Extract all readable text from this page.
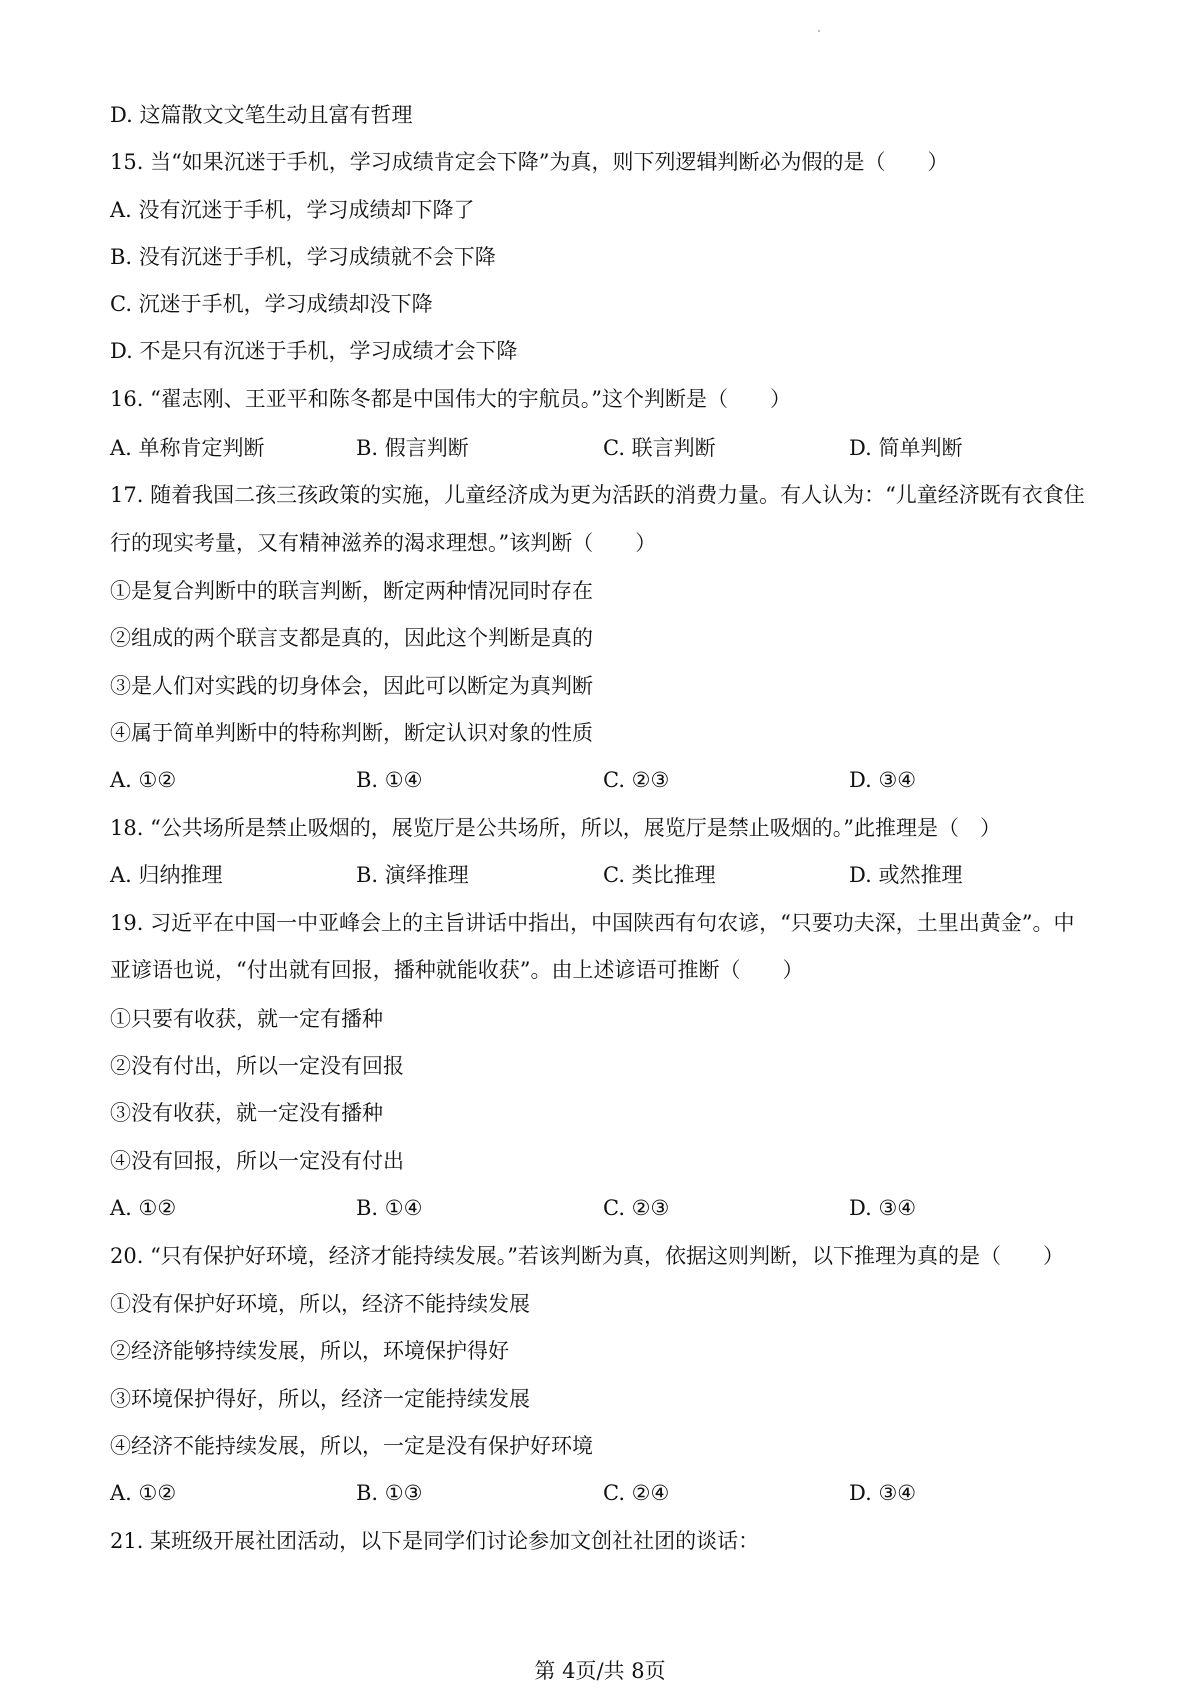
D. 这篇散文文笔生动且富有哲理
15. 当“如果沉迷于手机，学习成绩肯定会下降”为真，则下列逻辑判断必为假的是（　　）
A. 没有沉迷于手机，学习成绩却下降了
B. 没有沉迷于手机，学习成绩就不会下降
C. 沉迷于手机，学习成绩却没下降
D. 不是只有沉迷于手机，学习成绩才会下降
16. “翟志刚、王亚平和陈冬都是中国伟大的宇航员。”这个判断是（　　）
A. 单称肯定判断	B. 假言判断	C. 联言判断	D. 简单判断
17. 随着我国二孩三孩政策的实施，儿童经济成为更为活跃的消费力量。有人认为：“儿童经济既有衣食住
行的现实考量，又有精神滋养的渴求理想。”该判断（　　）
①是复合判断中的联言判断，断定两种情况同时存在
②组成的两个联言支都是真的，因此这个判断是真的
③是人们对实践的切身体会，因此可以断定为真判断
④属于简单判断中的特称判断，断定认识对象的性质
A. ①②	B. ①④	C. ②③	D. ③④
18. “公共场所是禁止吸烟的，展览厅是公共场所，所以，展览厅是禁止吸烟的。”此推理是（　）
A. 归纳推理	B. 演绎推理	C. 类比推理	D. 或然推理
19. 习近平在中国一中亚峰会上的主旨讲话中指出，中国陕西有句农谚，“只要功夫深，土里出黄金”。中
亚谚语也说，“付出就有回报，播种就能收获”。由上述谚语可推断（　　）
①只要有收获，就一定有播种
②没有付出，所以一定没有回报
③没有收获，就一定没有播种
④没有回报，所以一定没有付出
A. ①②	B. ①④	C. ②③	D. ③④
20. “只有保护好环境，经济才能持续发展。”若该判断为真，依据这则判断，以下推理为真的是（　　）
①没有保护好环境，所以，经济不能持续发展
②经济能够持续发展，所以，环境保护得好
③环境保护得好，所以，经济一定能持续发展
④经济不能持续发展，所以，一定是没有保护好环境
A. ①②	B. ①③	C. ②④	D. ③④
21. 某班级开展社团活动，以下是同学们讨论参加文创社社团的谈话：
第 4页/共 8页
